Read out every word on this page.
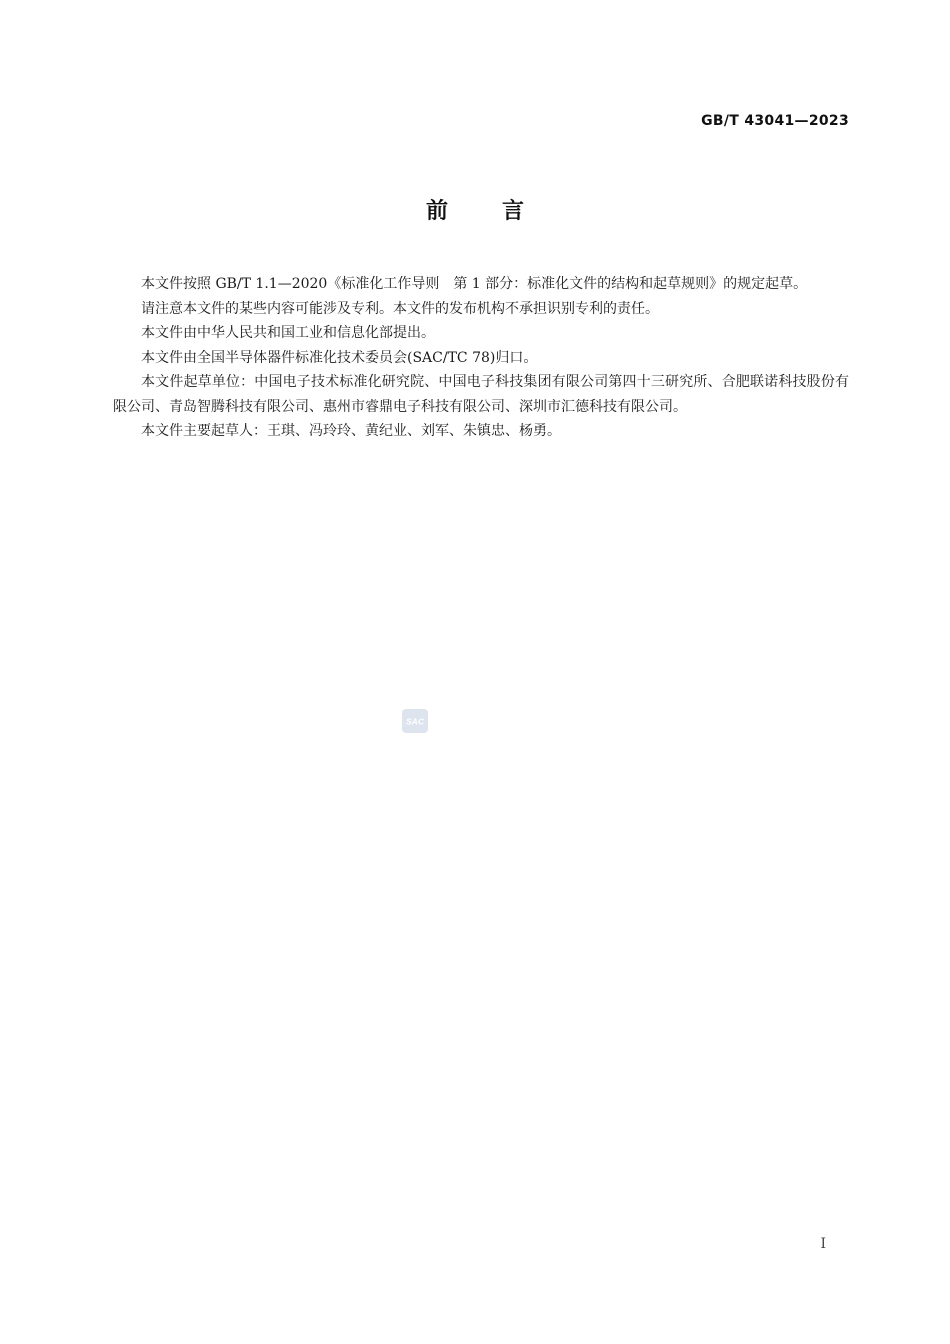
GB/T 43041—2023
前言

本文件按照 GB/T 1.1—2020《标准化工作导则　第 1 部分：标准化文件的结构和起草规则》的规定起草。

请注意本文件的某些内容可能涉及专利。本文件的发布机构不承担识别专利的责任。

本文件由中华人民共和国工业和信息化部提出。

本文件由全国半导体器件标准化技术委员会(SAC/TC 78)归口。

本文件起草单位：中国电子技术标准化研究院、中国电子科技集团有限公司第四十三研究所、合肥联诺科技股份有限公司、青岛智腾科技有限公司、惠州市睿鼎电子科技有限公司、深圳市汇德科技有限公司。

本文件主要起草人：王琪、冯玲玲、黄纪业、刘军、朱镇忠、杨勇。

SAC
I
